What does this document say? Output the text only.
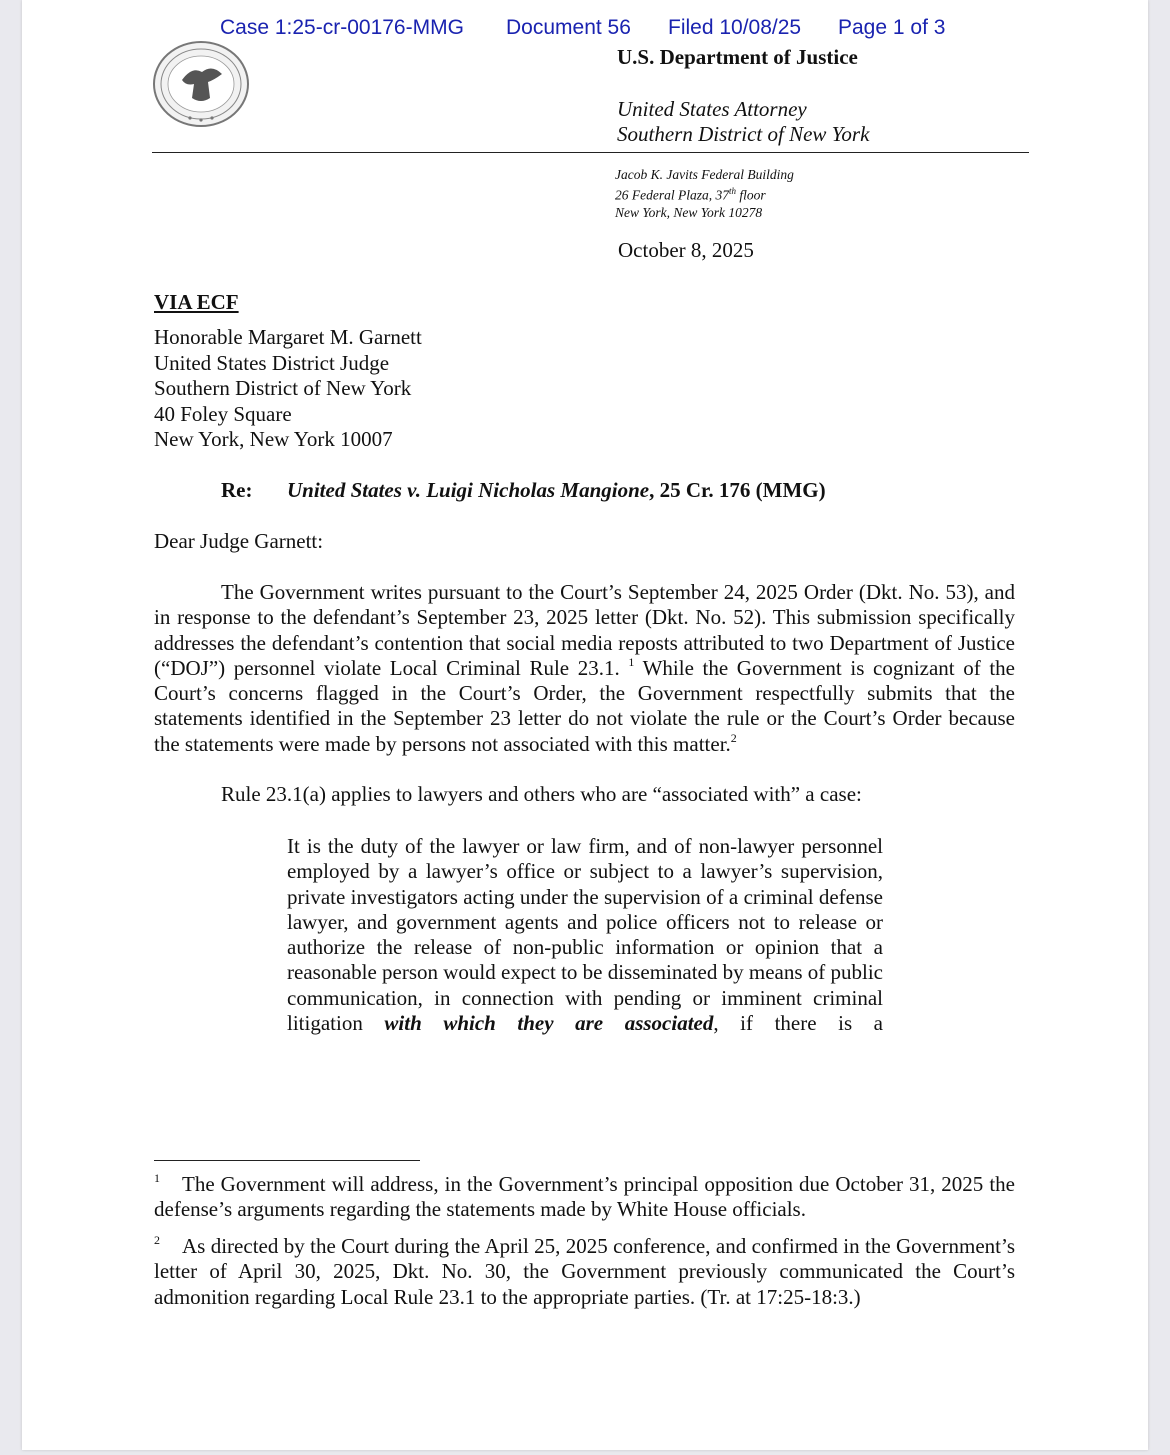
Case 1:25-cr-00176-MMG Document 56 Filed 10/08/25 Page 1 of 3
U.S. Department of Justice
United States Attorney
Southern District of New York
Jacob K. Javits Federal Building
26 Federal Plaza, 37th floor
New York, New York 10278
October 8, 2025
VIA ECF
Honorable Margaret M. Garnett
United States District Judge
Southern District of New York
40 Foley Square
New York, New York 10007
Re: United States v. Luigi Nicholas Mangione, 25 Cr. 176 (MMG)
Dear Judge Garnett:
The Government writes pursuant to the Court’s September 24, 2025 Order (Dkt. No. 53), and in response to the defendant’s September 23, 2025 letter (Dkt. No. 52). This submission specifically addresses the defendant’s contention that social media reposts attributed to two Department of Justice (“DOJ”) personnel violate Local Criminal Rule 23.1. $^1$ While the Government is cognizant of the Court’s concerns flagged in the Court’s Order, the Government respectfully submits that the statements identified in the September 23 letter do not violate the rule or the Court’s Order because the statements were made by persons not associated with this matter.$^2$
Rule 23.1(a) applies to lawyers and others who are “associated with” a case:
It is the duty of the lawyer or law firm, and of non-lawyer personnel employed by a lawyer’s office or subject to a lawyer’s supervision, private investigators acting under the supervision of a criminal defense lawyer, and government agents and police officers not to release or authorize the release of non-public information or opinion that a reasonable person would expect to be disseminated by means of public communication, in connection with pending or imminent criminal litigation with which they are associated, if there is a
$^1$ The Government will address, in the Government’s principal opposition due October 31, 2025 the defense’s arguments regarding the statements made by White House officials.
$^2$ As directed by the Court during the April 25, 2025 conference, and confirmed in the Government’s letter of April 30, 2025, Dkt. No. 30, the Government previously communicated the Court’s admonition regarding Local Rule 23.1 to the appropriate parties. (Tr. at 17:25-18:3.)
